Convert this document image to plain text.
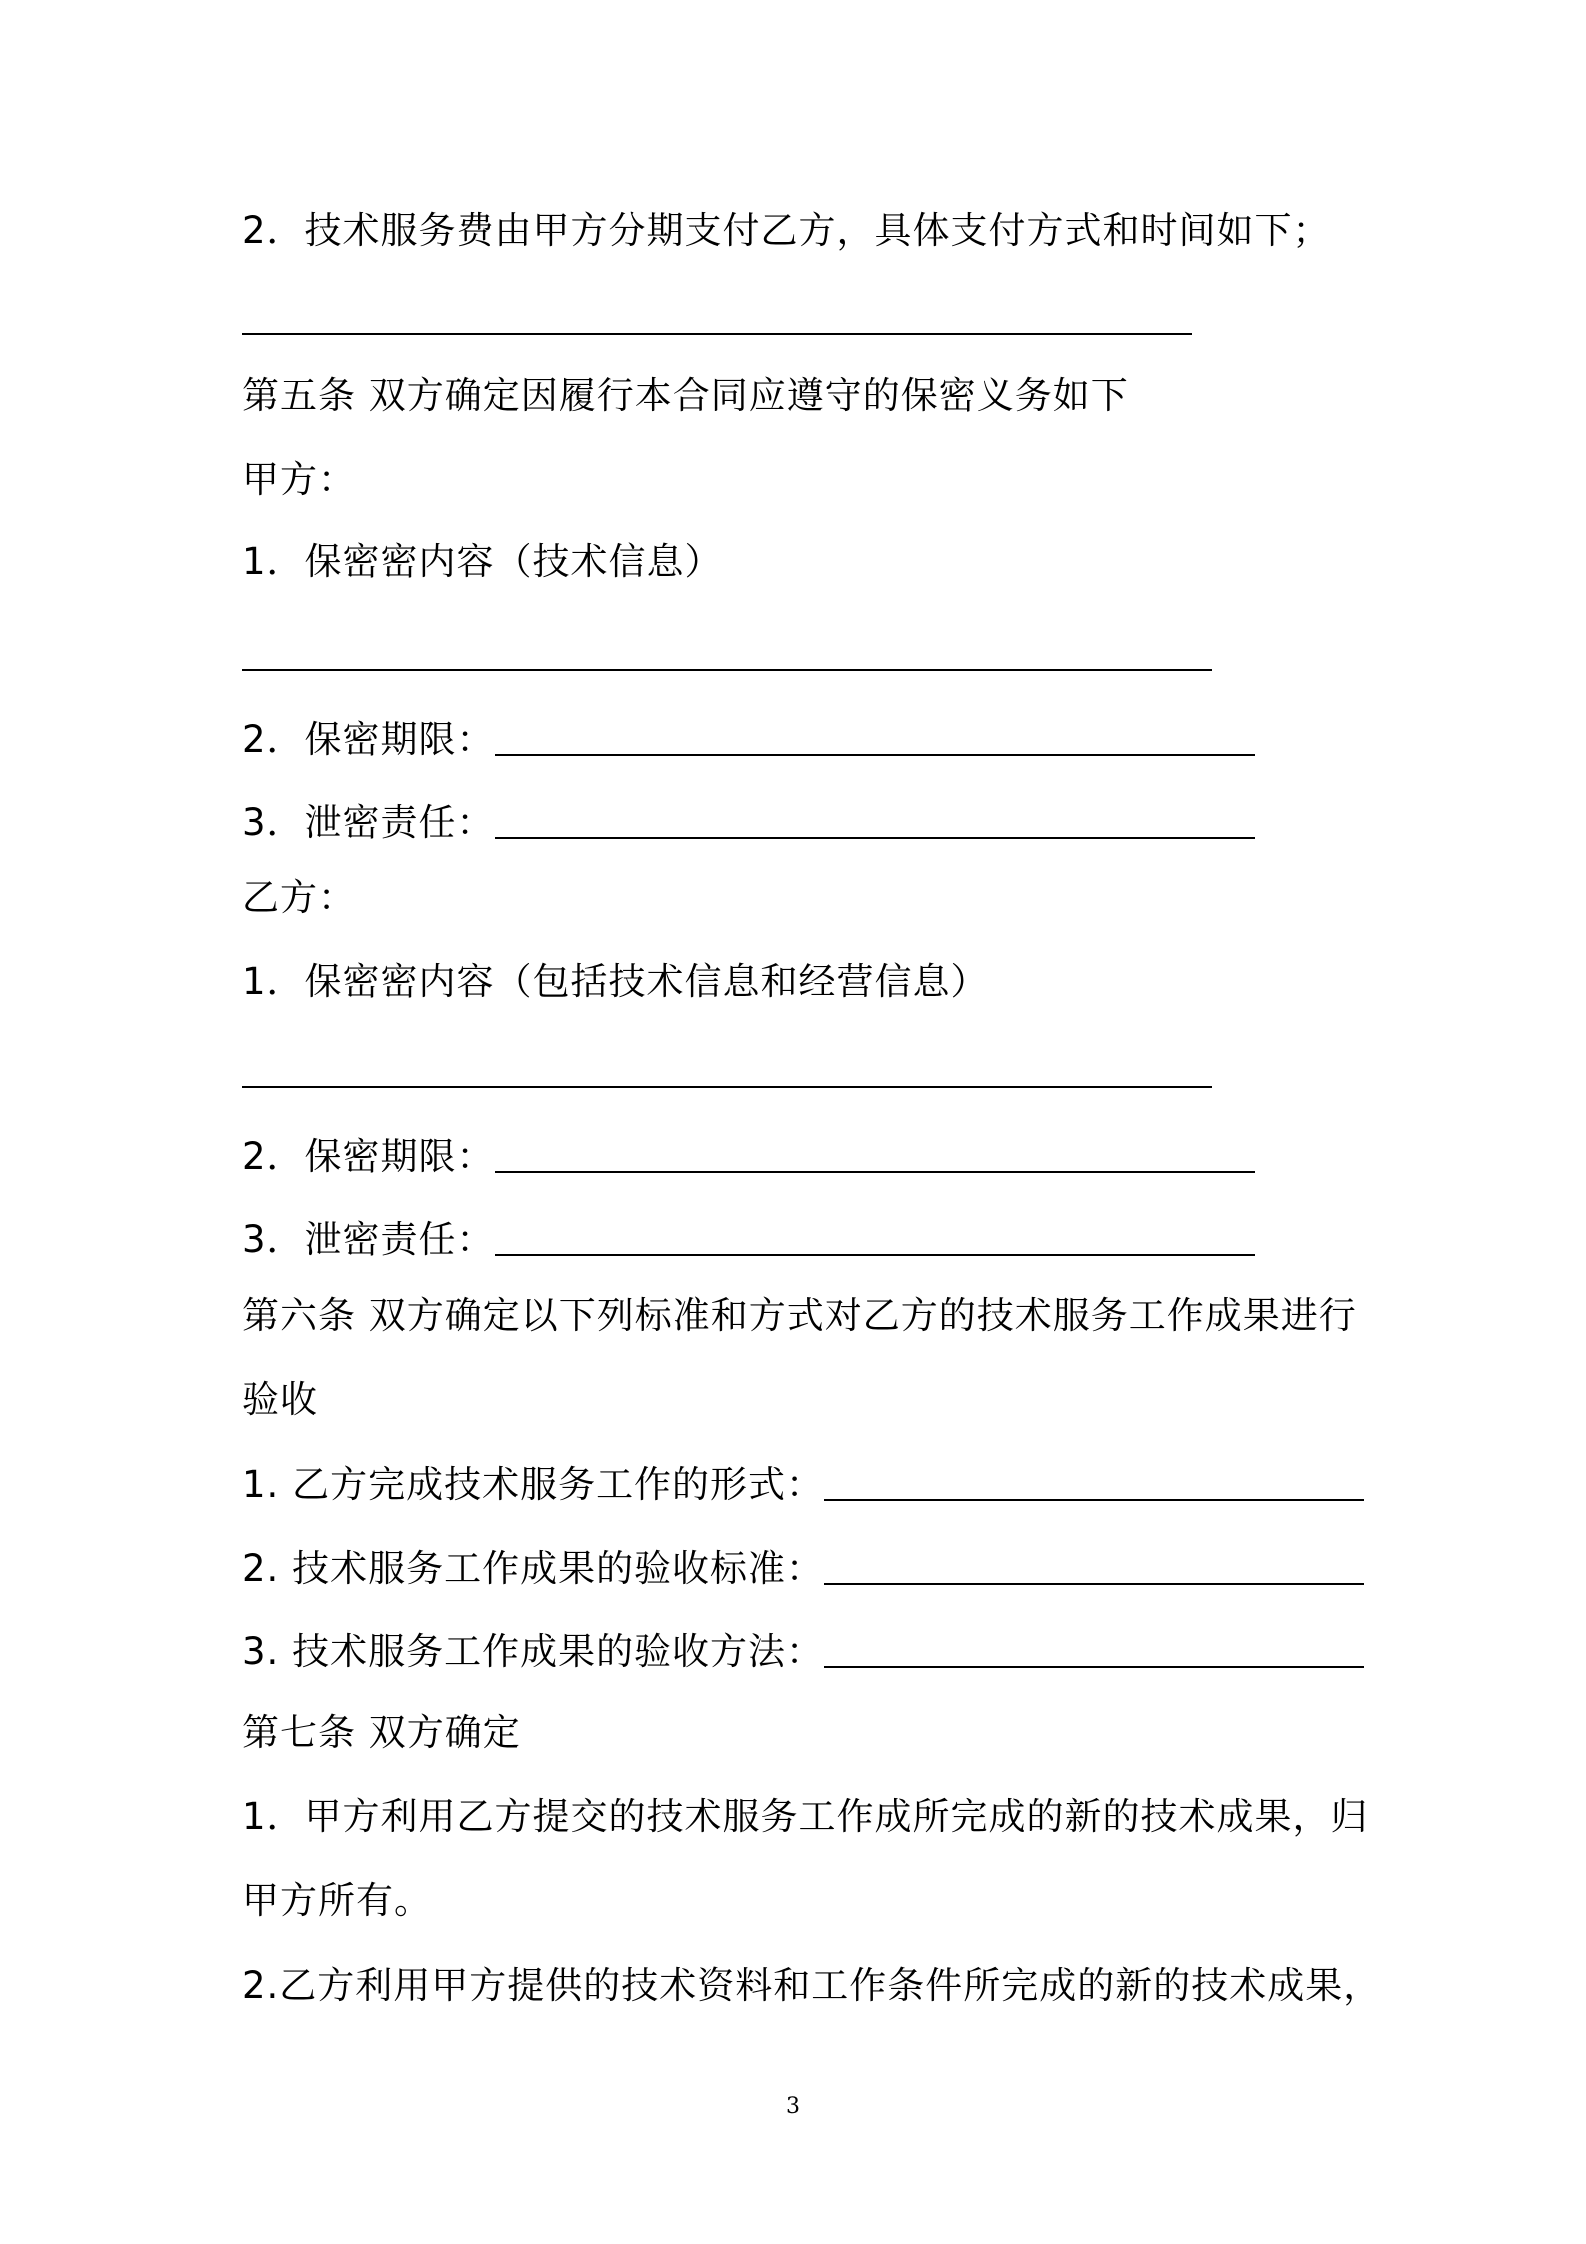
2．技术服务费由甲方分期支付乙方，具体支付方式和时间如下；
第五条 双方确定因履行本合同应遵守的保密义务如下
甲方：
1．保密密内容（技术信息）
2．保密期限：
3．泄密责任：
乙方：
1．保密密内容（包括技术信息和经营信息）
2．保密期限：
3．泄密责任：
第六条 双方确定以下列标准和方式对乙方的技术服务工作成果进行
验收
1. 乙方完成技术服务工作的形式：
2. 技术服务工作成果的验收标准：
3. 技术服务工作成果的验收方法：
第七条 双方确定
1．甲方利用乙方提交的技术服务工作成所完成的新的技术成果，归
甲方所有。
2.乙方利用甲方提供的技术资料和工作条件所完成的新的技术成果，
3
